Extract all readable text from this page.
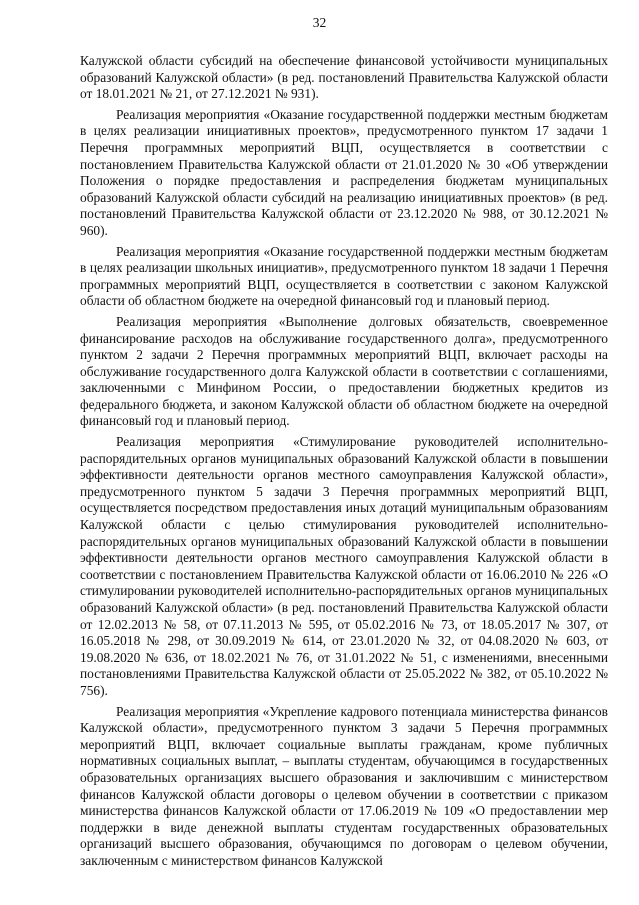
32

Калужской области субсидий на обеспечение финансовой устойчивости муниципальных образований Калужской области» (в ред. постановлений Правительства Калужской области от 18.01.2021 № 21, от 27.12.2021 № 931).

Реализация мероприятия «Оказание государственной поддержки местным бюджетам в целях реализации инициативных проектов», предусмотренного пунктом 17 задачи 1 Перечня программных мероприятий ВЦП, осуществляется в соответствии с постановлением Правительства Калужской области от 21.01.2020 № 30 «Об утверждении Положения о порядке предоставления и распределения бюджетам муниципальных образований Калужской области субсидий на реализацию инициативных проектов» (в ред. постановлений Правительства Калужской области от 23.12.2020 № 988, от 30.12.2021 № 960).

Реализация мероприятия «Оказание государственной поддержки местным бюджетам в целях реализации школьных инициатив», предусмотренного пунктом 18 задачи 1 Перечня программных мероприятий ВЦП, осуществляется в соответствии с законом Калужской области об областном бюджете на очередной финансовый год и плановый период.

Реализация мероприятия «Выполнение долговых обязательств, своевременное финансирование расходов на обслуживание государственного долга», предусмотренного пунктом 2 задачи 2 Перечня программных мероприятий ВЦП, включает расходы на обслуживание государственного долга Калужской области в соответствии с соглашениями, заключенными с Минфином России, о предоставлении бюджетных кредитов из федерального бюджета, и законом Калужской области об областном бюджете на очередной финансовый год и плановый период.

Реализация мероприятия «Стимулирование руководителей исполнительно-распорядительных органов муниципальных образований Калужской области в повышении эффективности деятельности органов местного самоуправления Калужской области», предусмотренного пунктом 5 задачи 3 Перечня программных мероприятий ВЦП, осуществляется посредством предоставления иных дотаций муниципальным образованиям Калужской области с целью стимулирования руководителей исполнительно-распорядительных органов муниципальных образований Калужской области в повышении эффективности деятельности органов местного самоуправления Калужской области в соответствии с постановлением Правительства Калужской области от 16.06.2010 № 226 «О стимулировании руководителей исполнительно-распорядительных органов муниципальных образований Калужской области» (в ред. постановлений Правительства Калужской области от 12.02.2013 № 58, от 07.11.2013 № 595, от 05.02.2016 № 73, от 18.05.2017 № 307, от 16.05.2018 № 298, от 30.09.2019 № 614, от 23.01.2020 № 32, от 04.08.2020 № 603, от 19.08.2020 № 636, от 18.02.2021 № 76, от 31.01.2022 № 51, с изменениями, внесенными постановлениями Правительства Калужской области от 25.05.2022 № 382, от 05.10.2022 № 756).

Реализация мероприятия «Укрепление кадрового потенциала министерства финансов Калужской области», предусмотренного пунктом 3 задачи 5 Перечня программных мероприятий ВЦП, включает социальные выплаты гражданам, кроме публичных нормативных социальных выплат, – выплаты студентам, обучающимся в государственных образовательных организациях высшего образования и заключившим с министерством финансов Калужской области договоры о целевом обучении в соответствии с приказом министерства финансов Калужской области от 17.06.2019 № 109 «О предоставлении мер поддержки в виде денежной выплаты студентам государственных образовательных организаций высшего образования, обучающимся по договорам о целевом обучении, заключенным с министерством финансов Калужской
